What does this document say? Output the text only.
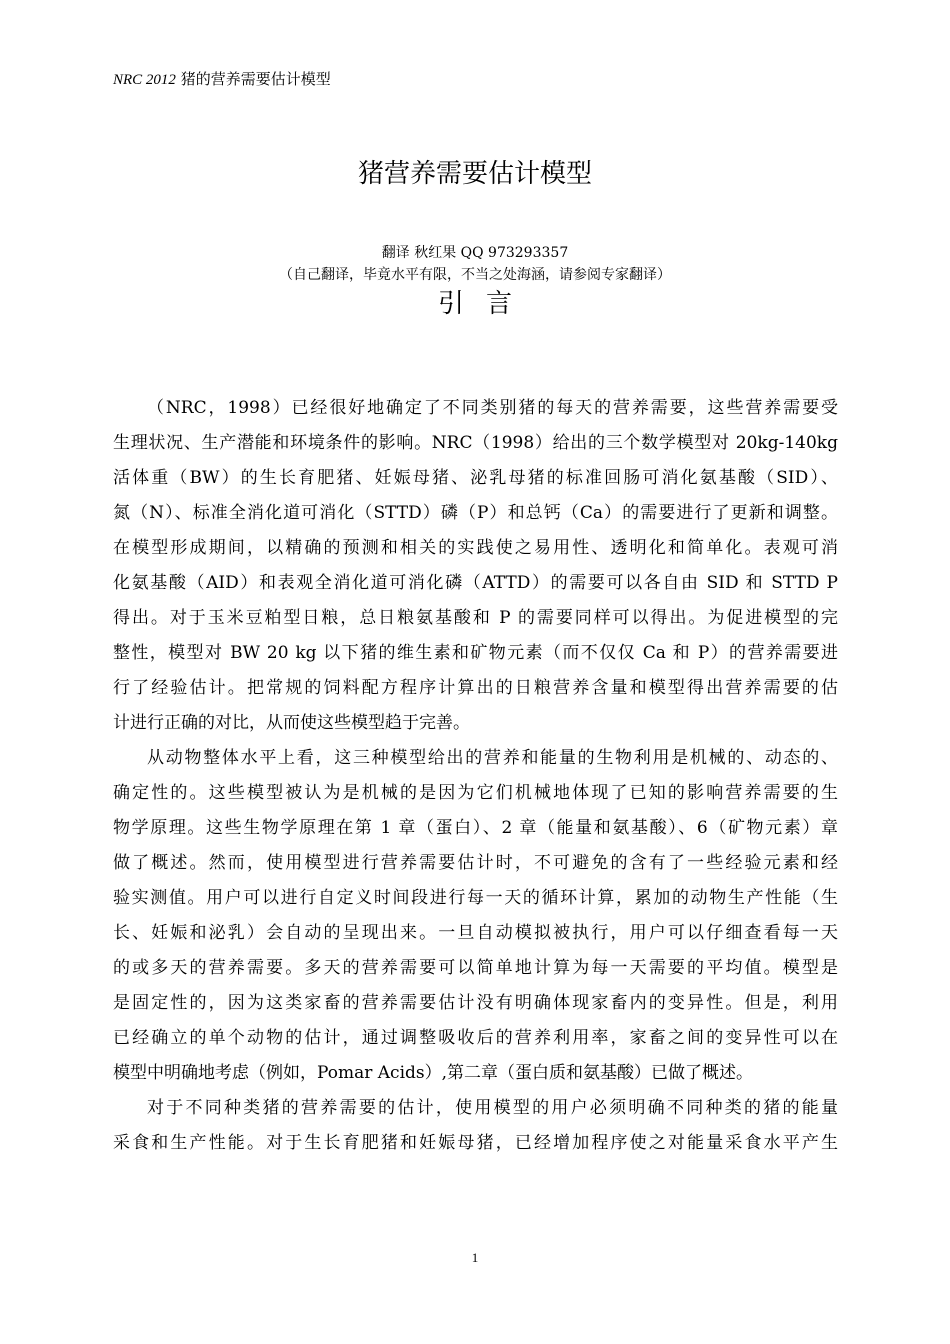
NRC 2012 猪的营养需要估计模型
猪营养需要估计模型
翻译 秋红果 QQ 973293357
（自己翻译，毕竟水平有限，不当之处海涵，请参阅专家翻译）
引言
（NRC，1998）已经很好地确定了不同类别猪的每天的营养需要，这些营养需要受
生理状况、生产潜能和环境条件的影响。NRC（1998）给出的三个数学模型对 20kg-140kg
活体重（BW）的生长育肥猪、妊娠母猪、泌乳母猪的标准回肠可消化氨基酸（SID）、
氮（N）、标准全消化道可消化（STTD）磷（P）和总钙（Ca）的需要进行了更新和调整。
在模型形成期间，以精确的预测和相关的实践使之易用性、透明化和简单化。表观可消
化氨基酸（AID）和表观全消化道可消化磷（ATTD）的需要可以各自由 SID 和 STTD P
得出。对于玉米豆粕型日粮，总日粮氨基酸和 P 的需要同样可以得出。为促进模型的完
整性，模型对 BW 20 kg 以下猪的维生素和矿物元素（而不仅仅 Ca 和 P）的营养需要进
行了经验估计。把常规的饲料配方程序计算出的日粮营养含量和模型得出营养需要的估
计进行正确的对比，从而使这些模型趋于完善。
从动物整体水平上看，这三种模型给出的营养和能量的生物利用是机械的、动态的、
确定性的。这些模型被认为是机械的是因为它们机械地体现了已知的影响营养需要的生
物学原理。这些生物学原理在第 1 章（蛋白）、2 章（能量和氨基酸）、6（矿物元素）章
做了概述。然而，使用模型进行营养需要估计时，不可避免的含有了一些经验元素和经
验实测值。用户可以进行自定义时间段进行每一天的循环计算，累加的动物生产性能（生
长、妊娠和泌乳）会自动的呈现出来。一旦自动模拟被执行，用户可以仔细查看每一天
的或多天的营养需要。多天的营养需要可以简单地计算为每一天需要的平均值。模型是
是固定性的，因为这类家畜的营养需要估计没有明确体现家畜内的变异性。但是，利用
已经确立的单个动物的估计，通过调整吸收后的营养利用率，家畜之间的变异性可以在
模型中明确地考虑（例如，Pomar Acids）,第二章（蛋白质和氨基酸）已做了概述。
对于不同种类猪的营养需要的估计，使用模型的用户必须明确不同种类的猪的能量
采食和生产性能。对于生长育肥猪和妊娠母猪，已经增加程序使之对能量采食水平产生
1
